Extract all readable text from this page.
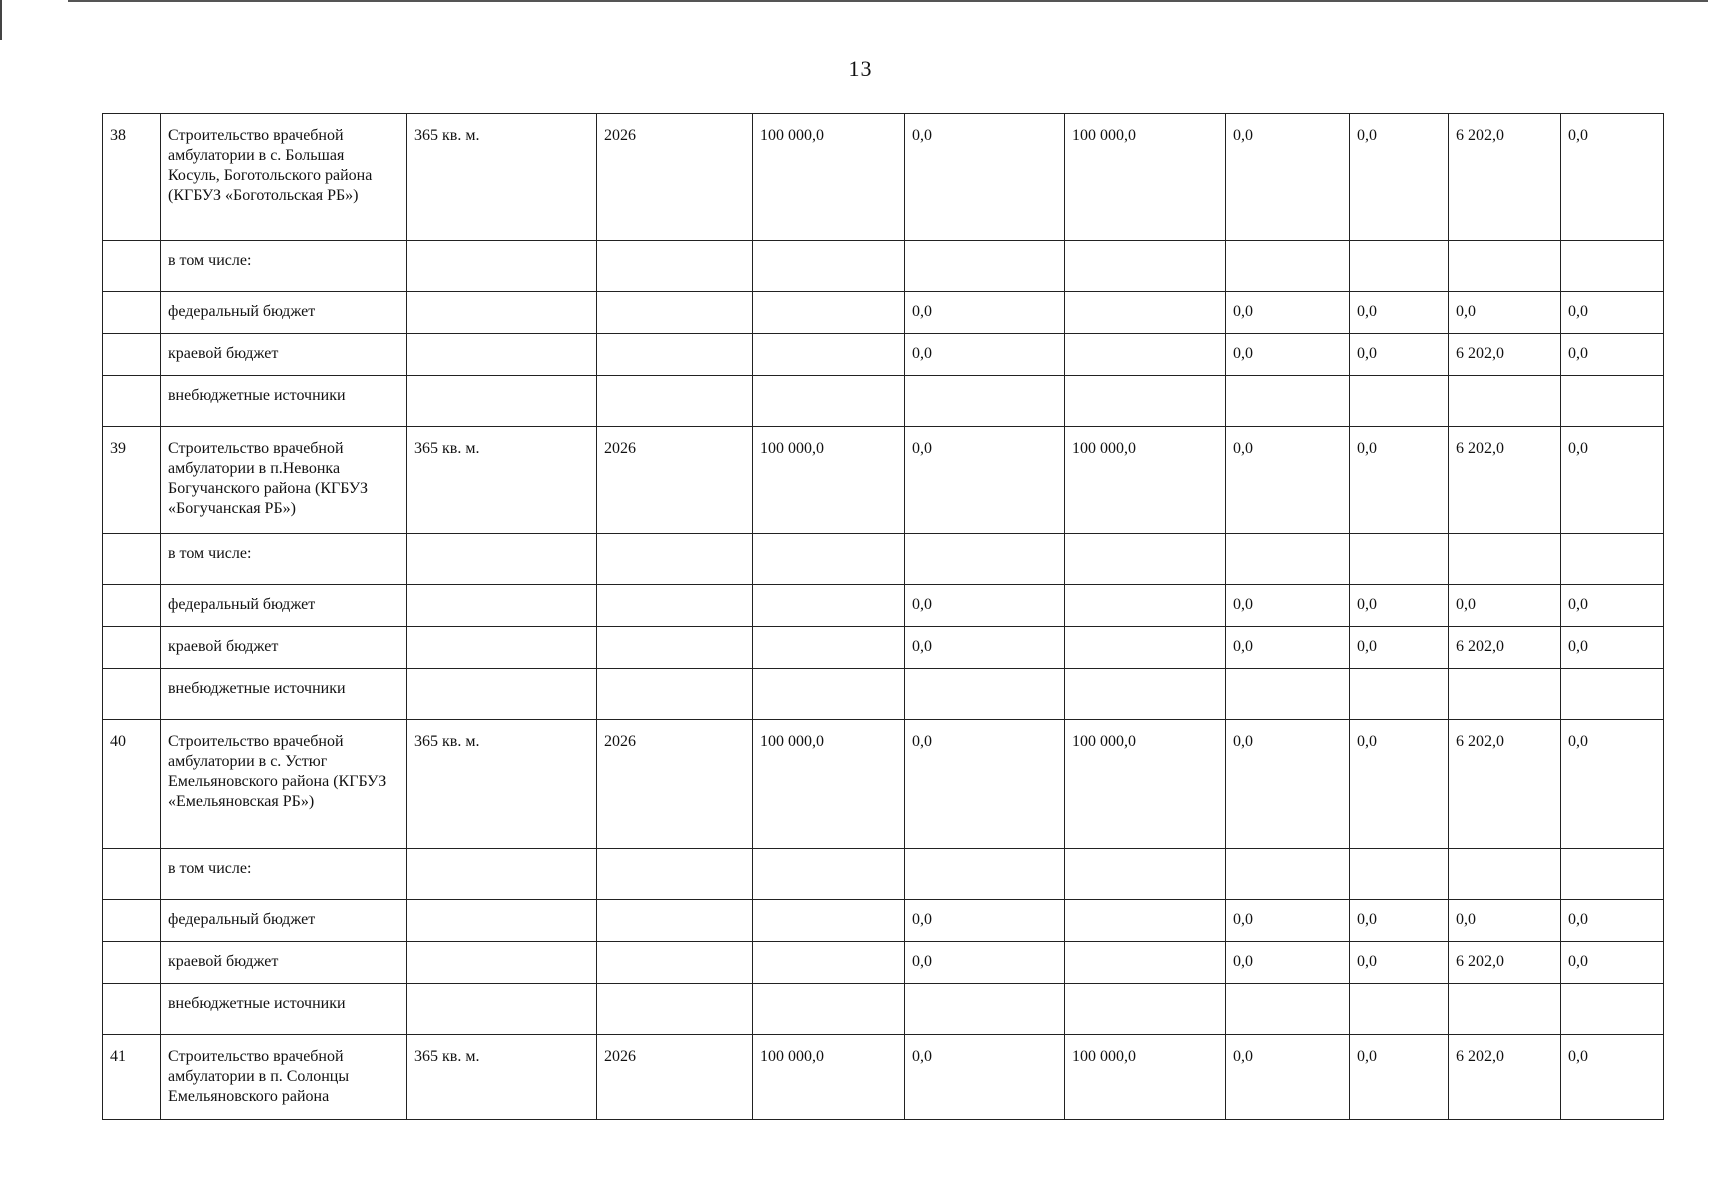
13
38	Строительство врачебной амбулатории в с. Большая Косуль, Боготольского района (КГБУЗ «Боготольская РБ»)	365 кв. м.	2026	100 000,0	0,0	100 000,0	0,0	0,0	6 202,0	0,0
	в том числе:									
	федеральный бюджет				0,0		0,0	0,0	0,0	0,0
	краевой бюджет				0,0		0,0	0,0	6 202,0	0,0
	внебюджетные источники									
39	Строительство врачебной амбулатории в п.Невонка Богучанского района (КГБУЗ «Богучанская РБ»)	365 кв. м.	2026	100 000,0	0,0	100 000,0	0,0	0,0	6 202,0	0,0
	в том числе:									
	федеральный бюджет				0,0		0,0	0,0	0,0	0,0
	краевой бюджет				0,0		0,0	0,0	6 202,0	0,0
	внебюджетные источники									
40	Строительство врачебной амбулатории в с. Устюг Емельяновского района (КГБУЗ «Емельяновская РБ»)	365 кв. м.	2026	100 000,0	0,0	100 000,0	0,0	0,0	6 202,0	0,0
	в том числе:									
	федеральный бюджет				0,0		0,0	0,0	0,0	0,0
	краевой бюджет				0,0		0,0	0,0	6 202,0	0,0
	внебюджетные источники									
41	Строительство врачебной амбулатории в п. Солонцы Емельяновского района	365 кв. м.	2026	100 000,0	0,0	100 000,0	0,0	0,0	6 202,0	0,0
